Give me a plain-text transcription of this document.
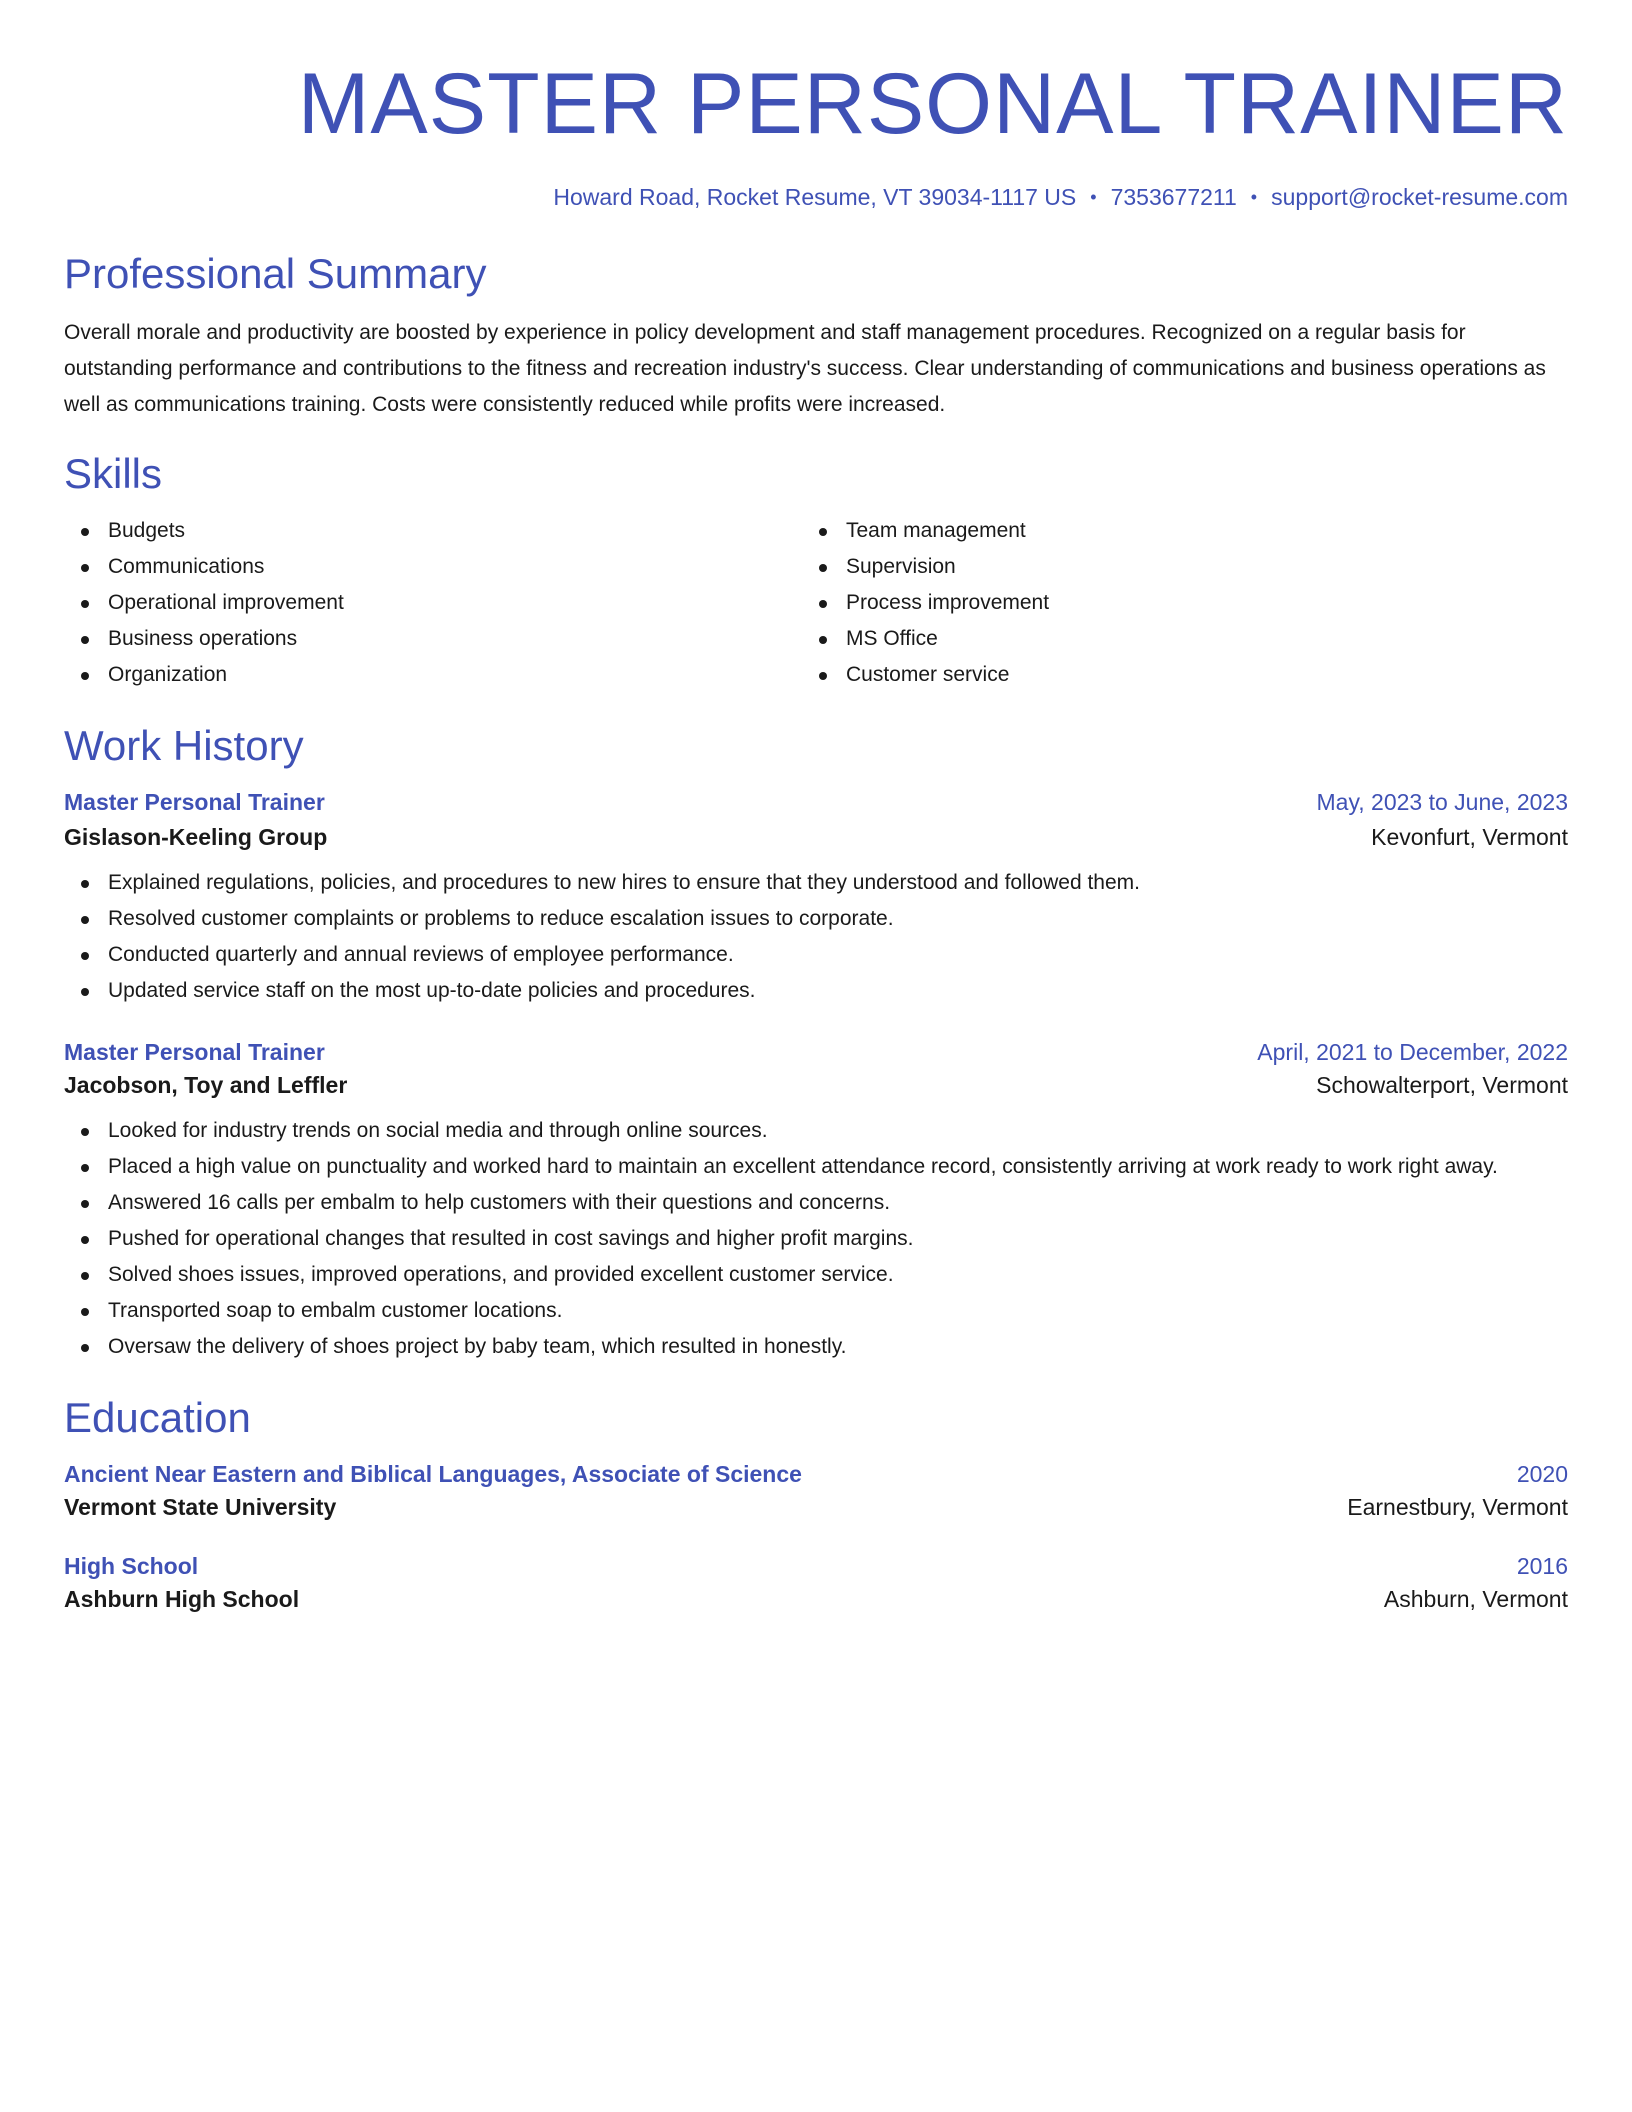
MASTER PERSONAL TRAINER
Howard Road, Rocket Resume, VT 39034-1117 US • 7353677211 • support@rocket-resume.com
Professional Summary
Overall morale and productivity are boosted by experience in policy development and staff management procedures. Recognized on a regular basis for outstanding performance and contributions to the fitness and recreation industry's success. Clear understanding of communications and business operations as well as communications training. Costs were consistently reduced while profits were increased.
Skills
Budgets
Communications
Operational improvement
Business operations
Organization
Team management
Supervision
Process improvement
MS Office
Customer service
Work History
Master Personal Trainer	May, 2023 to June, 2023
Gislason-Keeling Group	Kevonfurt, Vermont
Explained regulations, policies, and procedures to new hires to ensure that they understood and followed them.
Resolved customer complaints or problems to reduce escalation issues to corporate.
Conducted quarterly and annual reviews of employee performance.
Updated service staff on the most up-to-date policies and procedures.
Master Personal Trainer	April, 2021 to December, 2022
Jacobson, Toy and Leffler	Schowalterport, Vermont
Looked for industry trends on social media and through online sources.
Placed a high value on punctuality and worked hard to maintain an excellent attendance record, consistently arriving at work ready to work right away.
Answered 16 calls per embalm to help customers with their questions and concerns.
Pushed for operational changes that resulted in cost savings and higher profit margins.
Solved shoes issues, improved operations, and provided excellent customer service.
Transported soap to embalm customer locations.
Oversaw the delivery of shoes project by baby team, which resulted in honestly.
Education
Ancient Near Eastern and Biblical Languages, Associate of Science	2020
Vermont State University	Earnestbury, Vermont
High School	2016
Ashburn High School	Ashburn, Vermont
